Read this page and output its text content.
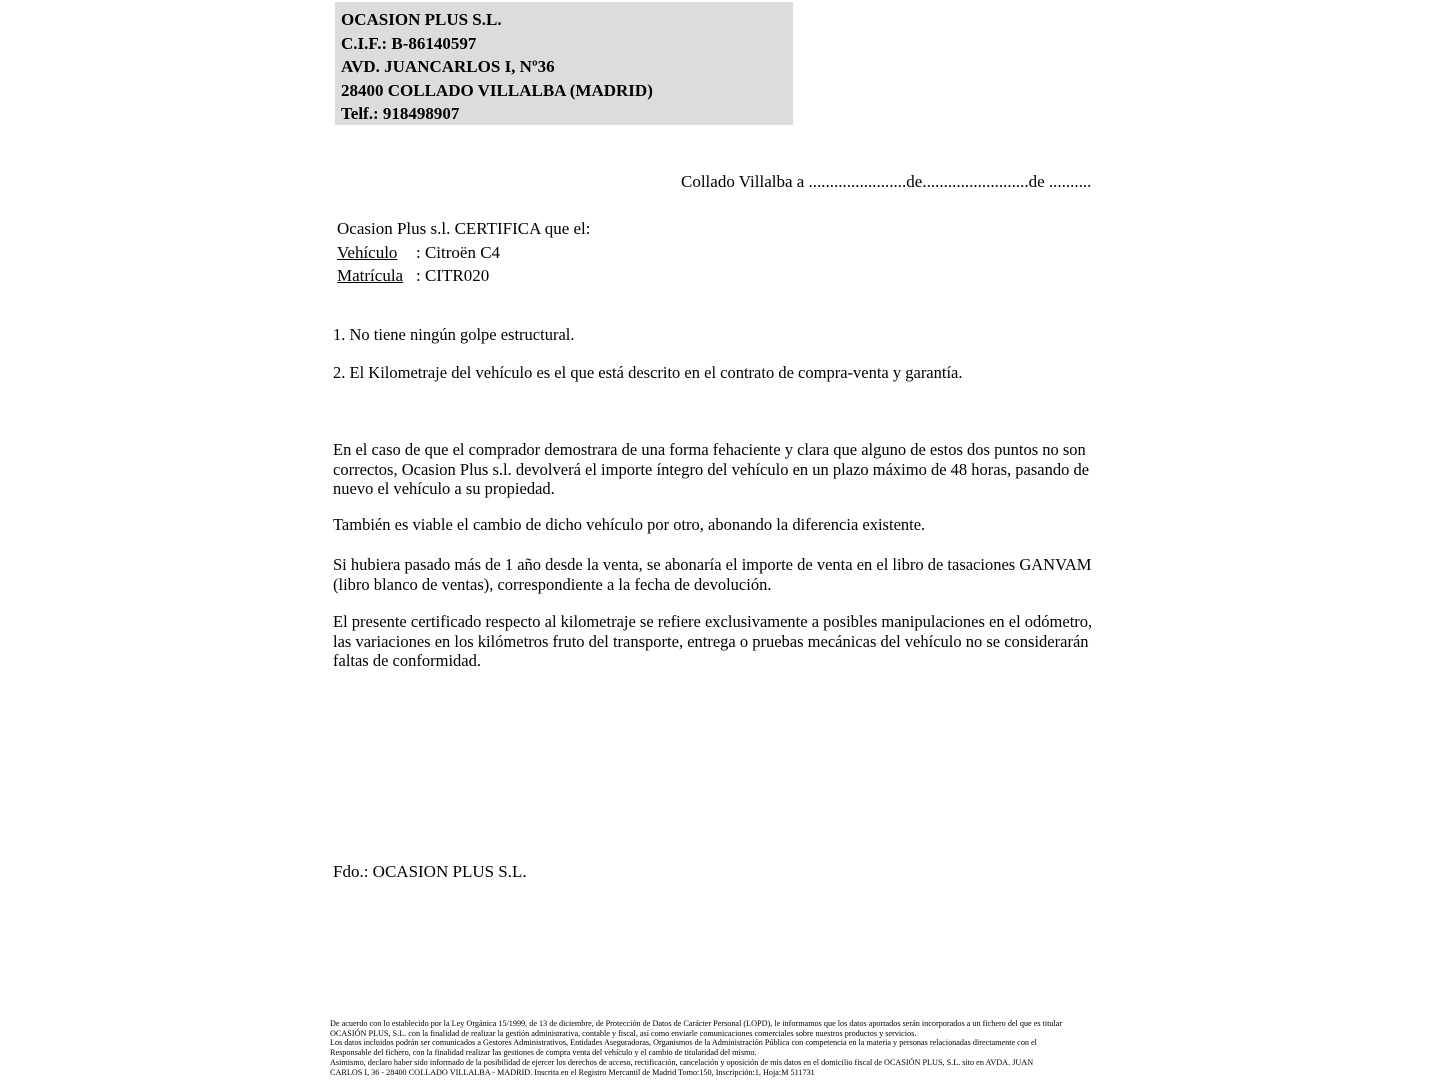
OCASION PLUS S.L.
C.I.F.: B-86140597
AVD. JUANCARLOS I, Nº36
28400 COLLADO VILLALBA (MADRID)
Telf.: 918498907
Collado Villalba a .......................de.........................de ..........
Ocasion Plus s.l. CERTIFICA que el:
Vehículo : Citroën C4
Matrícula : CITR020
1. No tiene ningún golpe estructural.
2. El Kilometraje del vehículo es el que está descrito en el contrato de compra-venta y garantía.
En el caso de que el comprador demostrara de una forma fehaciente y clara que alguno de estos dos puntos no son correctos, Ocasion Plus s.l. devolverá el importe íntegro del vehículo en un plazo máximo de 48 horas, pasando de nuevo el vehículo a su propiedad.
También es viable el cambio de dicho vehículo por otro, abonando la diferencia existente.
Si hubiera pasado más de 1 año desde la venta, se abonaría el importe de venta en el libro de tasaciones GANVAM (libro blanco de ventas), correspondiente a la fecha de devolución.
El presente certificado respecto al kilometraje se refiere exclusivamente a posibles manipulaciones en el odómetro, las variaciones en los kilómetros fruto del transporte, entrega o pruebas mecánicas del vehículo no se considerarán faltas de conformidad.
Fdo.: OCASION PLUS S.L.
De acuerdo con lo establecido por la Ley Orgánica 15/1999, de 13 de diciembre, de Protección de Datos de Carácter Personal (LOPD), le informamos que los datos aportados serán incorporados a un fichero del que es titular
OCASIÓN PLUS, S.L. con la finalidad de realizar la gestión administrativa, contable y fiscal, así como enviarle comunicaciones comerciales sobre nuestros productos y servicios.
Los datos incluidos podrán ser comunicados a Gestores Administrativos, Entidades Aseguradoras, Organismos de la Administración Pública con competencia en la materia y personas relacionadas directamente con el
Responsable del fichero, con la finalidad realizar las gestiones de compra venta del vehículo y el cambio de titularidad del mismo.
Asimismo, declaro haber sido informado de la posibilidad de ejercer los derechos de acceso, rectificación, cancelación y oposición de mis datos en el domicilio fiscal de OCASIÓN PLUS, S.L. sito en AVDA. JUAN
CARLOS I, 36 - 28400 COLLADO VILLALBA - MADRID. Inscrita en el Registro Mercantil de Madrid Tomo:150, Inscripción:1, Hoja:M 511731
